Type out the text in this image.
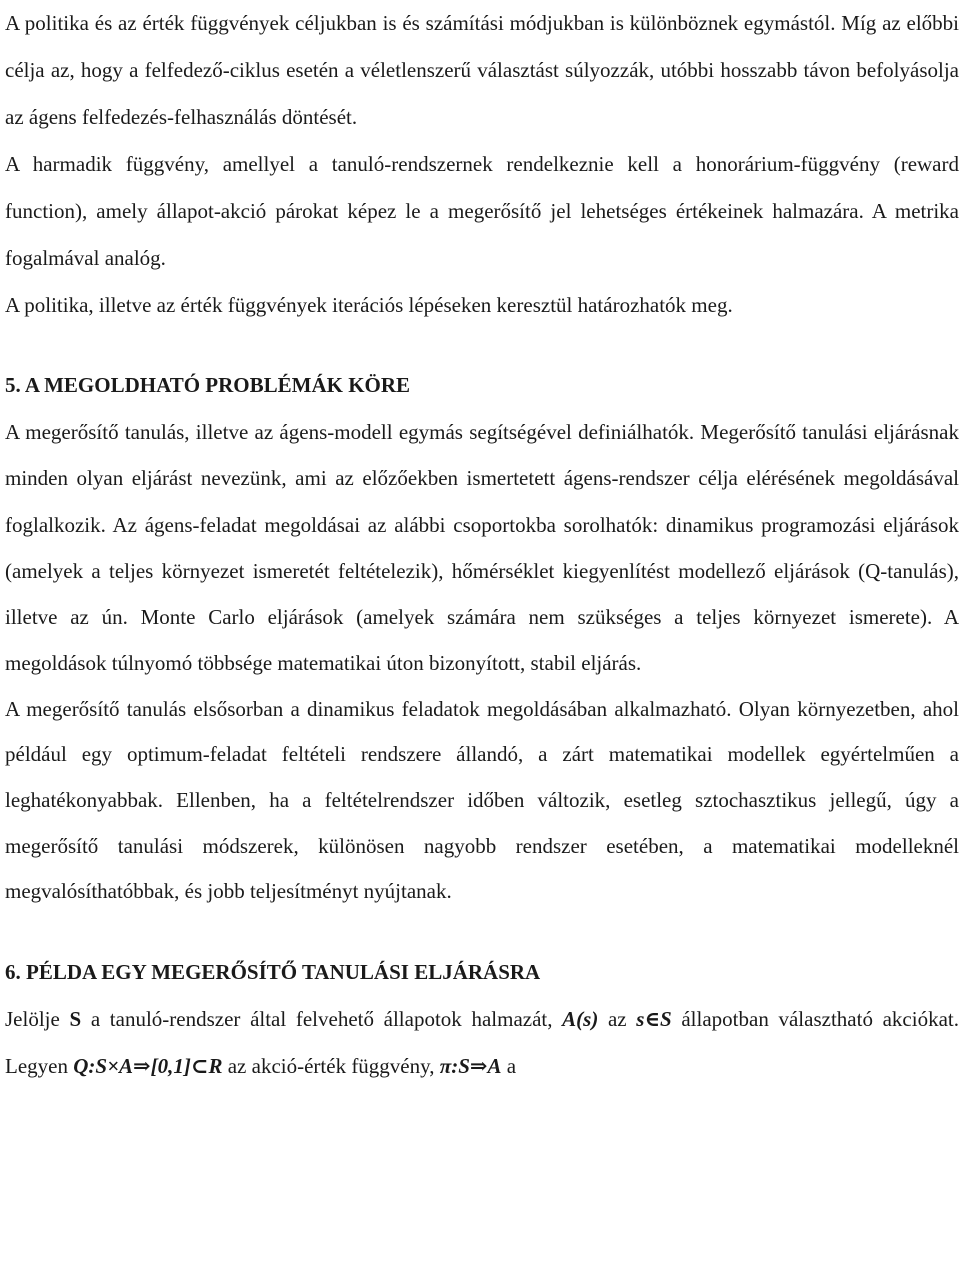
A politika és az érték függvények céljukban is és számítási módjukban is különböznek egymástól. Míg az előbbi célja az, hogy a felfedező-ciklus esetén a véletlenszerű választást súlyozzák, utóbbi hosszabb távon befolyásolja az ágens felfedezés-felhasználás döntését.

A harmadik függvény, amellyel a tanuló-rendszernek rendelkeznie kell a honorárium-függvény (reward function), amely állapot-akció párokat képez le a megerősítő jel lehetséges értékeinek halmazára. A metrika fogalmával analóg.

A politika, illetve az érték függvények iterációs lépéseken keresztül határozhatók meg.

5. A MEGOLDHATÓ PROBLÉMÁK KÖRE

A megerősítő tanulás, illetve az ágens-modell egymás segítségével definiálhatók. Megerősítő tanulási eljárásnak minden olyan eljárást nevezünk, ami az előzőekben ismertetett ágens-rendszer célja elérésének megoldásával foglalkozik. Az ágens-feladat megoldásai az alábbi csoportokba sorolhatók: dinamikus programozási eljárások (amelyek a teljes környezet ismeretét feltételezik), hőmérséklet kiegyenlítést modellező eljárások (Q-tanulás), illetve az ún. Monte Carlo eljárások (amelyek számára nem szükséges a teljes környezet ismerete). A megoldások túlnyomó többsége matematikai úton bizonyított, stabil eljárás.

A megerősítő tanulás elsősorban a dinamikus feladatok megoldásában alkalmazható. Olyan környezetben, ahol például egy optimum-feladat feltételi rendszere állandó, a zárt matematikai modellek egyértelműen a leghatékonyabbak. Ellenben, ha a feltételrendszer időben változik, esetleg sztochasztikus jellegű, úgy a megerősítő tanulási módszerek, különösen nagyobb rendszer esetében, a matematikai modelleknél megvalósíthatóbbak, és jobb teljesítményt nyújtanak.

6. PÉLDA EGY MEGERŐSÍTŐ TANULÁSI ELJÁRÁSRA

Jelölje S a tanuló-rendszer által felvehető állapotok halmazát, A(s) az s∈S állapotban választható akciókat. Legyen Q:S×A⇒[0,1]⊂R az akció-érték függvény, π:S⇒A a
